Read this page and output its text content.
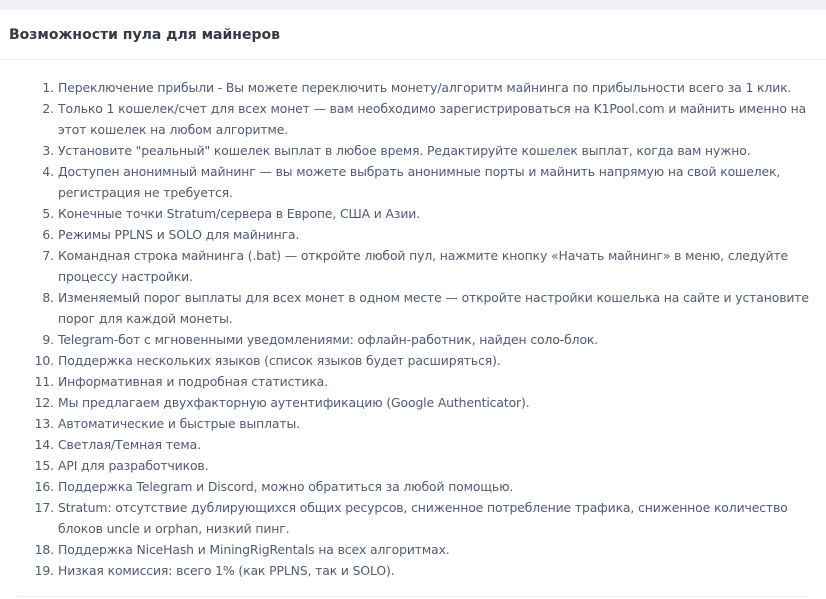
Возможности пула для майнеров
1. Переключение прибыли - Вы можете переключить монету/алгоритм майнинга по прибыльности всего за 1 клик.
2. Только 1 кошелек/счет для всех монет — вам необходимо зарегистрироваться на K1Pool.com и майнить именно на этот кошелек на любом алгоритме.
3. Установите "реальный" кошелек выплат в любое время. Редактируйте кошелек выплат, когда вам нужно.
4. Доступен анонимный майнинг — вы можете выбрать анонимные порты и майнить напрямую на свой кошелек, регистрация не требуется.
5. Конечные точки Stratum/сервера в Европе, США и Азии.
6. Режимы PPLNS и SOLO для майнинга.
7. Командная строка майнинга (.bat) — откройте любой пул, нажмите кнопку «Начать майнинг» в меню, следуйте процессу настройки.
8. Изменяемый порог выплаты для всех монет в одном месте — откройте настройки кошелька на сайте и установите порог для каждой монеты.
9. Telegram-бот с мгновенными уведомлениями: офлайн-работник, найден соло-блок.
10. Поддержка нескольких языков (список языков будет расширяться).
11. Информативная и подробная статистика.
12. Мы предлагаем двухфакторную аутентификацию (Google Authenticator).
13. Автоматические и быстрые выплаты.
14. Светлая/Темная тема.
15. API для разработчиков.
16. Поддержка Telegram и Discord, можно обратиться за любой помощью.
17. Stratum: отсутствие дублирующихся общих ресурсов, сниженное потребление трафика, сниженное количество блоков uncle и orphan, низкий пинг.
18. Поддержка NiceHash и MiningRigRentals на всех алгоритмах.
19. Низкая комиссия: всего 1% (как PPLNS, так и SOLO).
